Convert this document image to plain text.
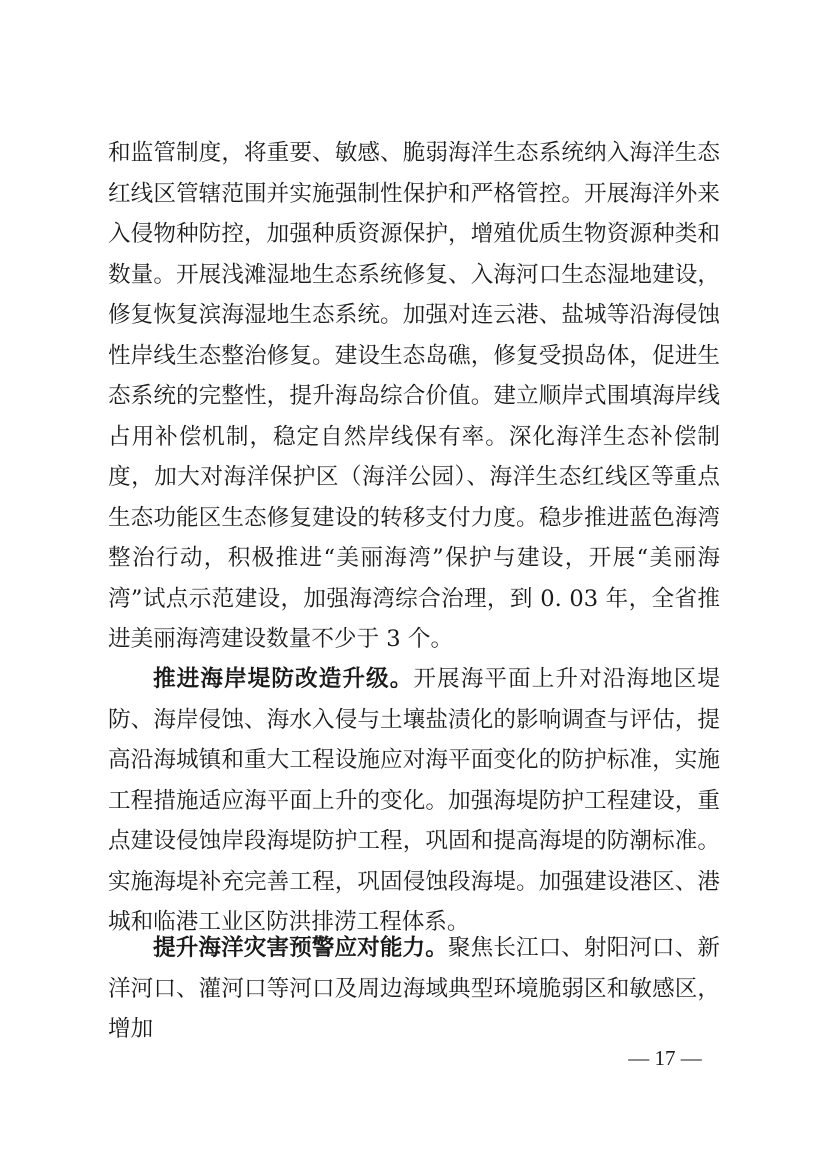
和监管制度，将重要、敏感、脆弱海洋生态系统纳入海洋生态红线区管辖范围并实施强制性保护和严格管控。开展海洋外来入侵物种防控，加强种质资源保护，增殖优质生物资源种类和数量。开展浅滩湿地生态系统修复、入海河口生态湿地建设，修复恢复滨海湿地生态系统。加强对连云港、盐城等沿海侵蚀性岸线生态整治修复。建设生态岛礁，修复受损岛体，促进生态系统的完整性，提升海岛综合价值。建立顺岸式围填海岸线占用补偿机制，稳定自然岸线保有率。深化海洋生态补偿制度，加大对海洋保护区（海洋公园）、海洋生态红线区等重点生态功能区生态修复建设的转移支付力度。稳步推进蓝色海湾整治行动，积极推进“美丽海湾”保护与建设，开展“美丽海湾”试点示范建设，加强海湾综合治理，到 0. 03 年，全省推进美丽海湾建设数量不少于 3 个。

推进海岸堤防改造升级。开展海平面上升对沿海地区堤防、海岸侵蚀、海水入侵与土壤盐渍化的影响调查与评估，提高沿海城镇和重大工程设施应对海平面变化的防护标准，实施工程措施适应海平面上升的变化。加强海堤防护工程建设，重点建设侵蚀岸段海堤防护工程，巩固和提高海堤的防潮标准。实施海堤补充完善工程，巩固侵蚀段海堤。加强建设港区、港城和临港工业区防洪排涝工程体系。

提升海洋灾害预警应对能力。聚焦长江口、射阳河口、新洋河口、灌河口等河口及周边海域典型环境脆弱区和敏感区，增加

— 17 —
